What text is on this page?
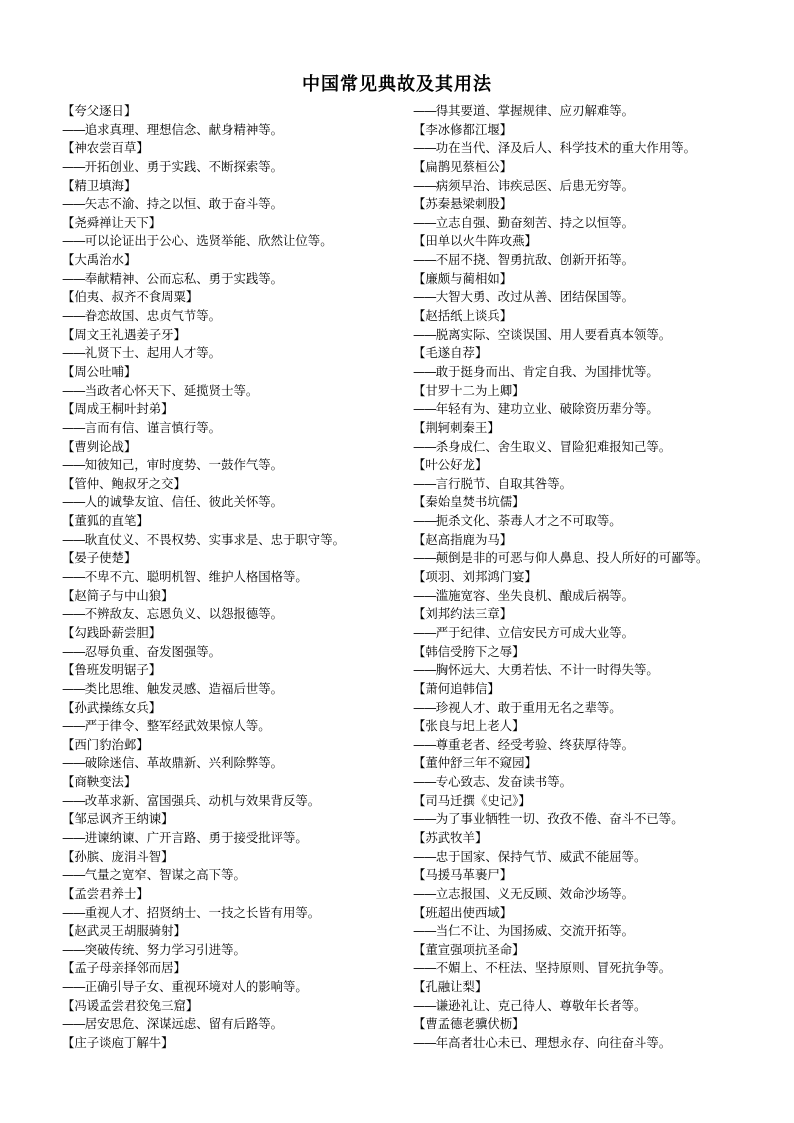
中国常见典故及其用法
【 夸父逐日 】
—— 追求真理、理想信念、献身精神等。
【 神农尝百草 】
—— 开拓创业、勇于实践、不断探索等。
【 精卫填海 】
—— 矢志不渝、持之以恒、敢于奋斗等。
【 尧舜禅让天下 】
—— 可以论证出于公心、选贤举能、欣然让位等。
【 大禹治水 】
—— 奉献精神、公而忘私、勇于实践等。
【 伯夷、叔齐不食周粟 】
—— 眷恋故国、忠贞气节等。
【 周文王礼遇姜子牙 】
—— 礼贤下士、起用人才等。
【 周公吐哺 】
—— 当政者心怀天下、延揽贤士等。
【 周成王桐叶封弟 】
—— 言而有信、谨言慎行等。
【 曹刿论战 】
—— 知彼知己，审时度势、一鼓作气等。
【 管仲、鲍叔牙之交 】
—— 人的诚挚友谊、信任、彼此关怀等。
【 董狐的直笔 】
—— 耿直仗义、不畏权势、实事求是、忠于职守等。
【 晏子使楚 】
—— 不卑不亢、聪明机智、维护人格国格等。
【 赵简子与中山狼 】
—— 不辨敌友、忘恩负义、以怨报德等。
【 勾践卧薪尝胆 】
—— 忍辱负重、奋发图强等。
【 鲁班发明锯子 】
—— 类比思维、触发灵感、造福后世等。
【 孙武操练女兵 】
—— 严于律令、整军经武效果惊人等。
【 西门豹治邺 】
—— 破除迷信、革故鼎新、兴利除弊等。
【 商鞅变法 】
—— 改革求新、富国强兵、动机与效果背反等。
【 邹忌讽齐王纳谏 】
—— 进谏纳谏、广开言路、勇于接受批评等。
【 孙膑、庞涓斗智 】
—— 气量之宽窄、智谋之高下等。
【 孟尝君养士 】
—— 重视人才、招贤纳士、一技之长皆有用等。
【 赵武灵王胡服骑射 】
—— 突破传统、努力学习引进等。
【 孟子母亲择邻而居 】
—— 正确引导子女、重视环境对人的影响等。
【 冯谖孟尝君狡兔三窟 】
—— 居安思危、深谋远虑、留有后路等。
【 庄子谈庖丁解牛 】
—— 得其要道、掌握规律、应刃解难等。
【 李冰修都江堰 】
—— 功在当代、泽及后人、科学技术的重大作用等。
【 扁鹊见蔡桓公 】
—— 病须早治、讳疾忌医、后患无穷等。
【 苏秦悬梁刺股 】
—— 立志自强、勤奋刻苦、持之以恒等。
【 田单以火牛阵攻燕 】
—— 不屈不挠、智勇抗敌、创新开拓等。
【 廉颇与蔺相如 】
—— 大智大勇、改过从善、团结保国等。
【 赵括纸上谈兵 】
—— 脱离实际、空谈误国、用人要看真本领等。
【 毛遂自荐 】
—— 敢于挺身而出、肯定自我、为国排忧等。
【 甘罗十二为上卿 】
—— 年轻有为、建功立业、破除资历辈分等。
【 荆轲刺秦王 】
—— 杀身成仁、舍生取义、冒险犯难报知己等。
【 叶公好龙 】
—— 言行脱节、自取其咎等。
【 秦始皇焚书坑儒 】
—— 扼杀文化、荼毒人才之不可取等。
【 赵高指鹿为马 】
—— 颠倒是非的可恶与仰人鼻息、投人所好的可鄙等。
【 项羽、刘邦鸿门宴 】
—— 滥施宽容、坐失良机、酿成后祸等。
【 刘邦约法三章 】
—— 严于纪律、立信安民方可成大业等。
【 韩信受胯下之辱 】
—— 胸怀远大、大勇若怯、不计一时得失等。
【 萧何追韩信 】
—— 珍视人才、敢于重用无名之辈等。
【 张良与圯上老人 】
—— 尊重老者、经受考验、终获厚待等。
【 董仲舒三年不窥园 】
—— 专心致志、发奋读书等。
【 司马迁撰《史记》 】
—— 为了事业牺牲一切、孜孜不倦、奋斗不已等。
【 苏武牧羊 】
—— 忠于国家、保持气节、威武不能屈等。
【 马援马革裹尸 】
—— 立志报国、义无反顾、效命沙场等。
【 班超出使西域 】
—— 当仁不让、为国扬威、交流开拓等。
【 董宣强项抗圣命 】
—— 不媚上、不枉法、坚持原则、冒死抗争等。
【 孔融让梨 】
—— 谦逊礼让、克己待人、尊敬年长者等。
【 曹孟德老骥伏枥 】
—— 年高者壮心未已、理想永存、向往奋斗等。
